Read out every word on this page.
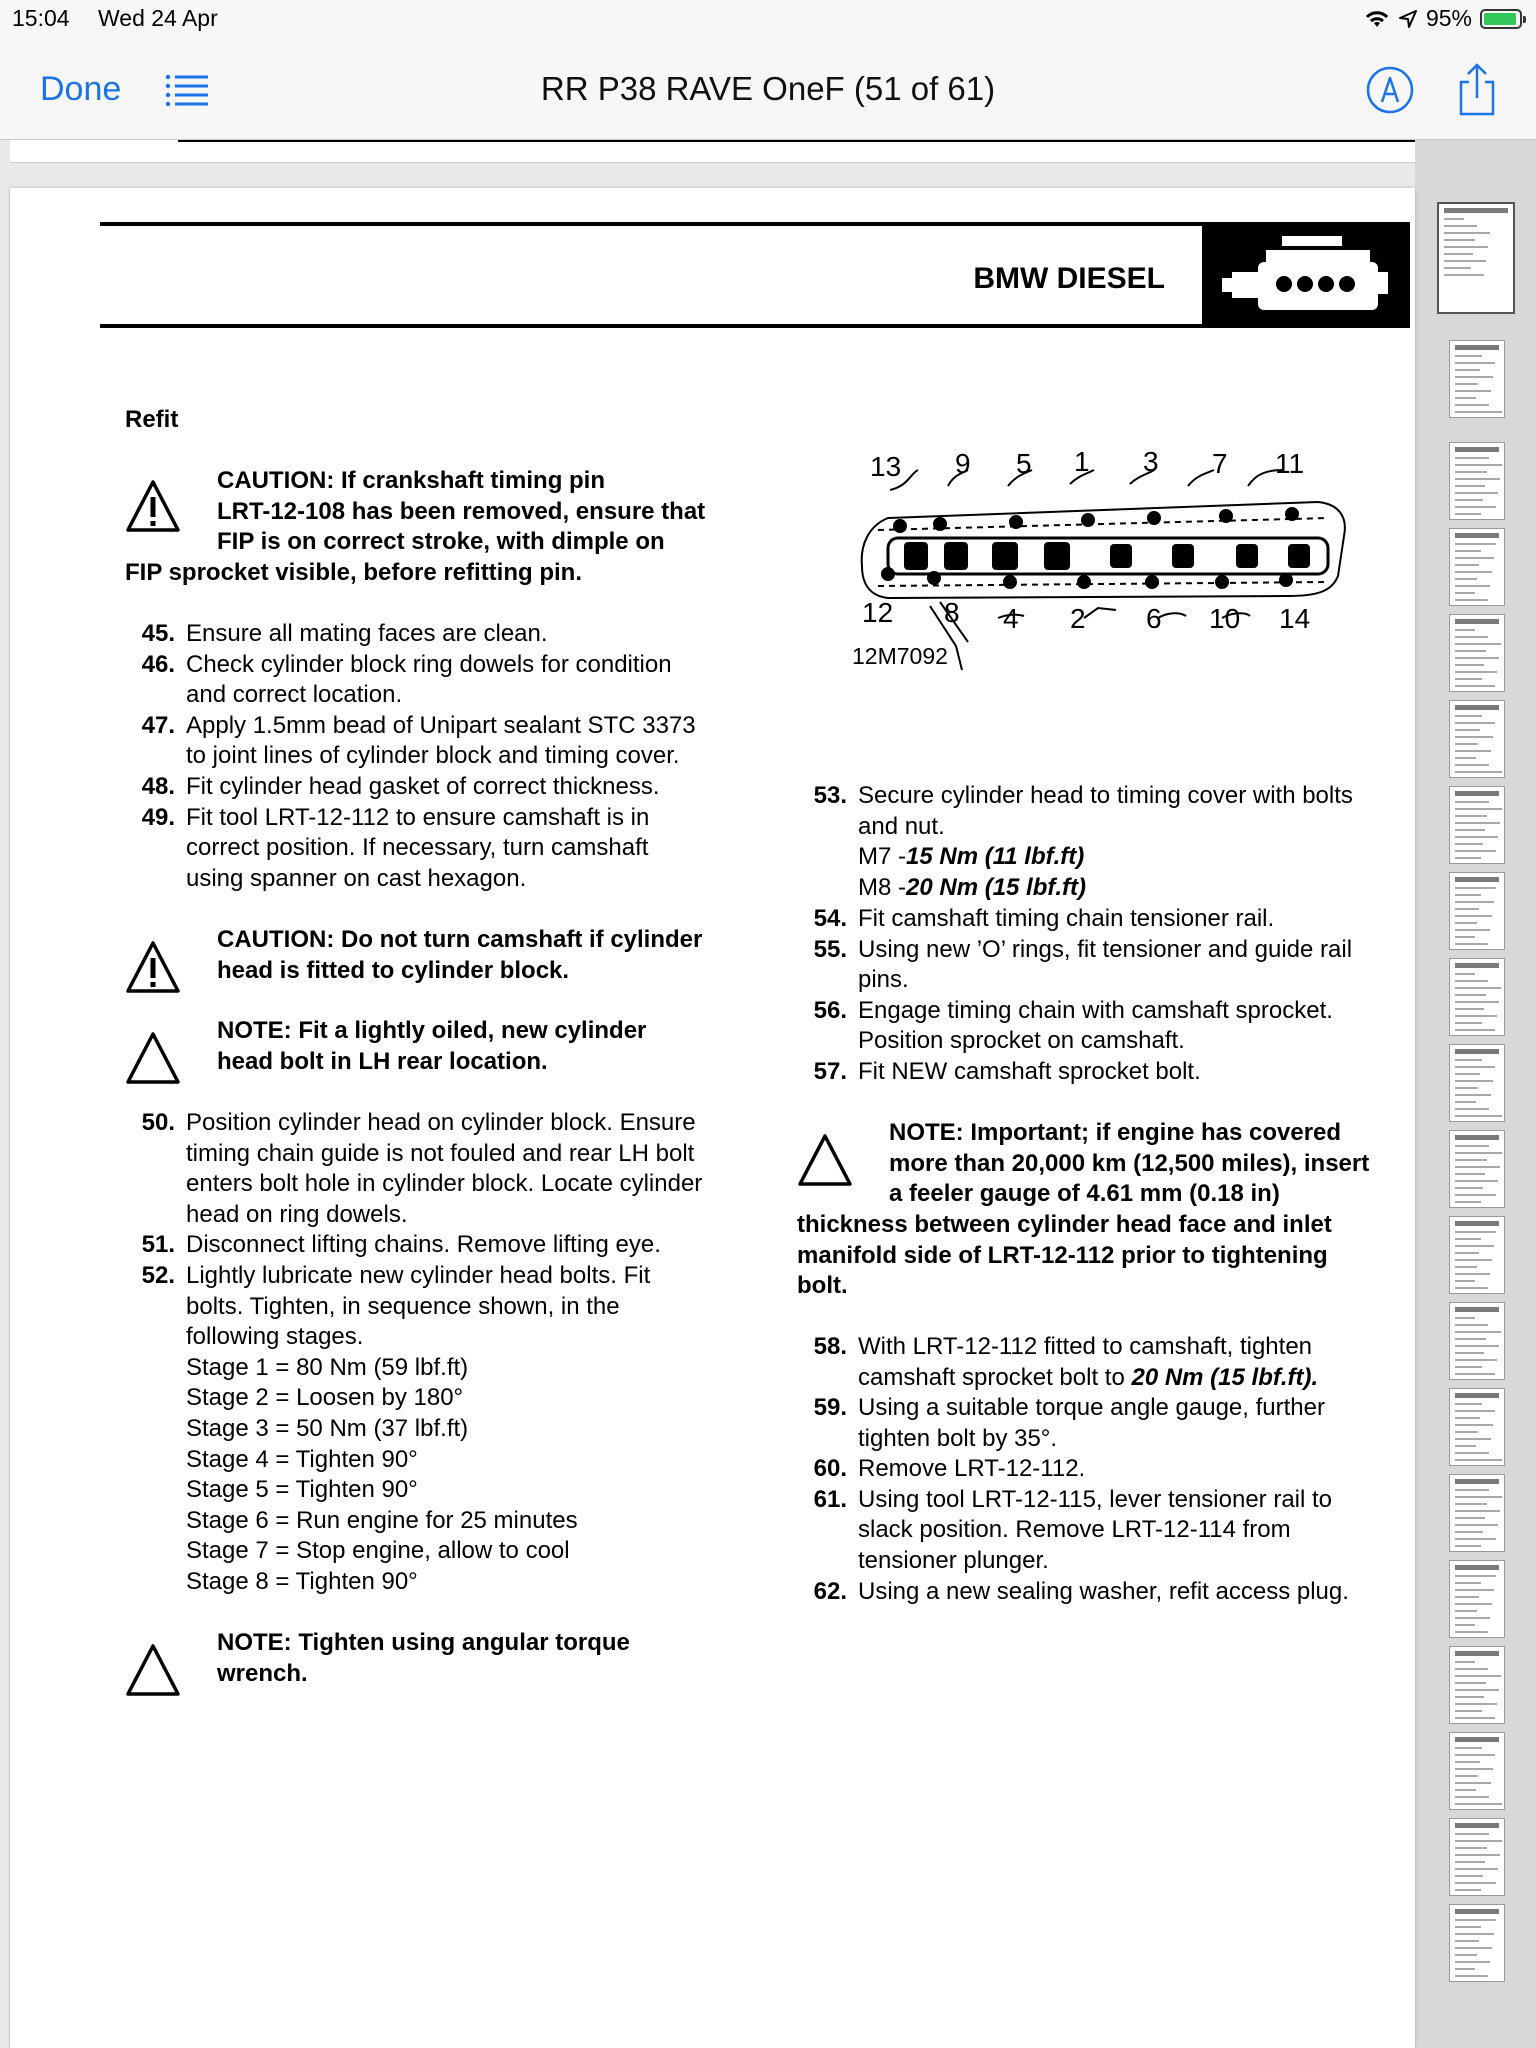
15:04 Wed 24 Apr	95%
Done	RR P38 RAVE OneF (51 of 61)
BMW DIESEL
Refit
CAUTION: If crankshaft timing pin
LRT-12-108 has been removed, ensure that
FIP is on correct stroke, with dimple on
FIP sprocket visible, before refitting pin.
45. Ensure all mating faces are clean.
46. Check cylinder block ring dowels for condition
and correct location.
47. Apply 1.5mm bead of Unipart sealant STC 3373
to joint lines of cylinder block and timing cover.
48. Fit cylinder head gasket of correct thickness.
49. Fit tool LRT-12-112 to ensure camshaft is in
correct position. If necessary, turn camshaft
using spanner on cast hexagon.
CAUTION: Do not turn camshaft if cylinder
head is fitted to cylinder block.
NOTE: Fit a lightly oiled, new cylinder
head bolt in LH rear location.
50. Position cylinder head on cylinder block. Ensure
timing chain guide is not fouled and rear LH bolt
enters bolt hole in cylinder block. Locate cylinder
head on ring dowels.
51. Disconnect lifting chains. Remove lifting eye.
52. Lightly lubricate new cylinder head bolts. Fit
bolts. Tighten, in sequence shown, in the
following stages.
Stage 1 = 80 Nm (59 lbf.ft)
Stage 2 = Loosen by 180°
Stage 3 = 50 Nm (37 lbf.ft)
Stage 4 = Tighten 90°
Stage 5 = Tighten 90°
Stage 6 = Run engine for 25 minutes
Stage 7 = Stop engine, allow to cool
Stage 8 = Tighten 90°
NOTE: Tighten using angular torque
wrench.
13 9 5 1 3 7 11
12 8 4 2 6 10 14
12M7092
53. Secure cylinder head to timing cover with bolts
and nut.
M7 -15 Nm (11 lbf.ft)
M8 -20 Nm (15 lbf.ft)
54. Fit camshaft timing chain tensioner rail.
55. Using new ’O’ rings, fit tensioner and guide rail
pins.
56. Engage timing chain with camshaft sprocket.
Position sprocket on camshaft.
57. Fit NEW camshaft sprocket bolt.
NOTE: Important; if engine has covered
more than 20,000 km (12,500 miles), insert
a feeler gauge of 4.61 mm (0.18 in)
thickness between cylinder head face and inlet
manifold side of LRT-12-112 prior to tightening
bolt.
58. With LRT-12-112 fitted to camshaft, tighten
camshaft sprocket bolt to 20 Nm (15 lbf.ft).
59. Using a suitable torque angle gauge, further
tighten bolt by 35°.
60. Remove LRT-12-112.
61. Using tool LRT-12-115, lever tensioner rail to
slack position. Remove LRT-12-114 from
tensioner plunger.
62. Using a new sealing washer, refit access plug.
